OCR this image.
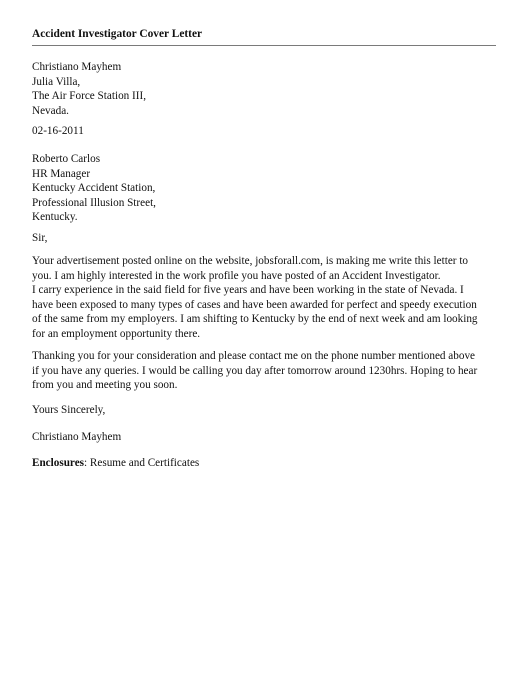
Accident Investigator Cover Letter
Christiano Mayhem
Julia Villa,
The Air Force Station III,
Nevada.
02-16-2011
Roberto Carlos
HR Manager
Kentucky Accident Station,
Professional Illusion Street,
Kentucky.
Sir,
Your advertisement posted online on the website, jobsforall.com, is making me write this letter to
you. I am highly interested in the work profile you have posted of an Accident Investigator.
I carry experience in the said field for five years and have been working in the state of Nevada. I
have been exposed to many types of cases and have been awarded for perfect and speedy execution
of the same from my employers. I am shifting to Kentucky by the end of next week and am looking
for an employment opportunity there.
Thanking you for your consideration and please contact me on the phone number mentioned above
if you have any queries. I would be calling you day after tomorrow around 1230hrs. Hoping to hear
from you and meeting you soon.
Yours Sincerely,
Christiano Mayhem
Enclosures: Resume and Certificates
